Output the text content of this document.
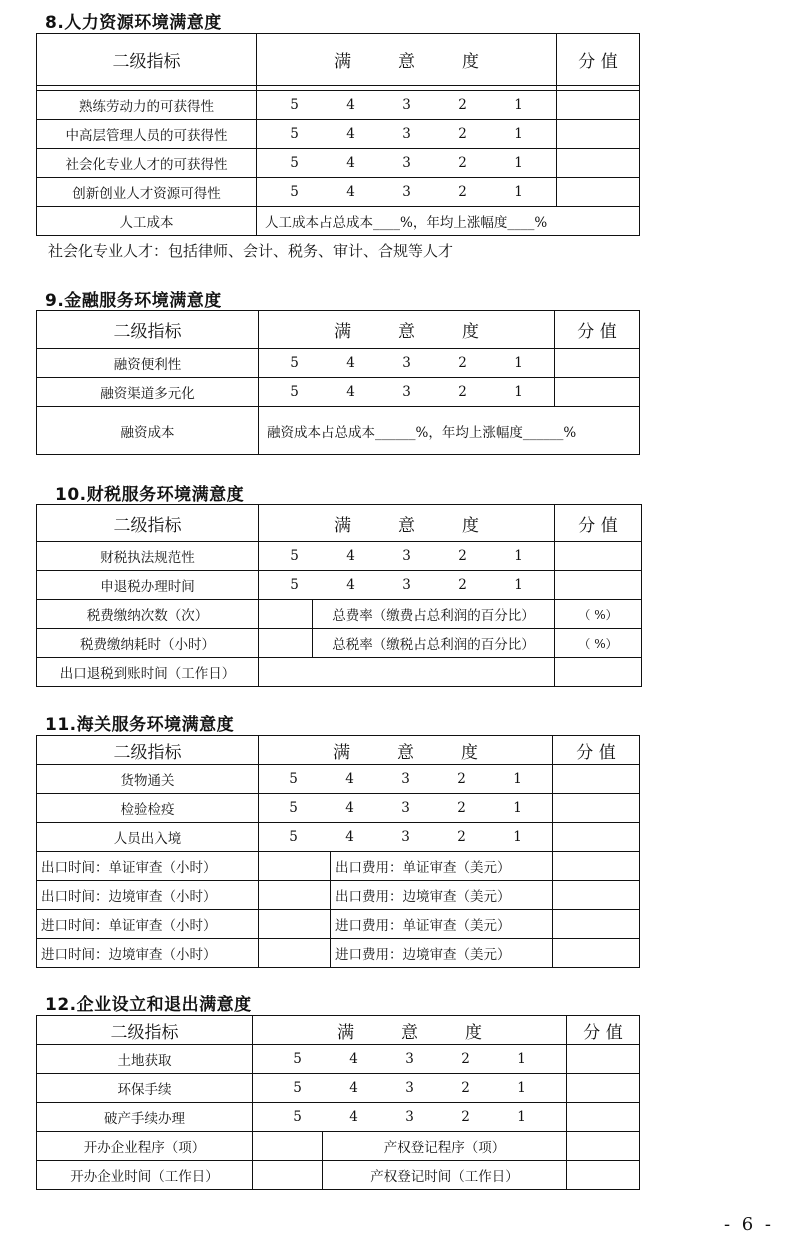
8.人力资源环境满意度
二级指标	满 意 度	分 值

熟练劳动力的可获得性	5 4 3 2 1	
中高层管理人员的可获得性	5 4 3 2 1	
社会化专业人才的可获得性	5 4 3 2 1	
创新创业人才资源可得性	5 4 3 2 1	
人工成本	人工成本占总成本____%，年均上涨幅度____%	
社会化专业人才：包括律师、会计、税务、审计、合规等人才
9.金融服务环境满意度
二级指标	满 意 度	分 值
融资便利性	5 4 3 2 1	
融资渠道多元化	5 4 3 2 1	
融资成本	融资成本占总成本______%，年均上涨幅度______%	
10.财税服务环境满意度
二级指标	满 意 度		分 值
财税执法规范性	5 4 3 2 1		
申退税办理时间	5 4 3 2 1		
税费缴纳次数（次）		总费率（缴费占总利润的百分比）	（ %）
税费缴纳耗时（小时）		总税率（缴税占总利润的百分比）	（ %）
出口退税到账时间（工作日）			
11.海关服务环境满意度
二级指标	满 意 度		分 值
货物通关	5 4 3 2 1		
检验检疫	5 4 3 2 1		
人员出入境	5 4 3 2 1		
出口时间：单证审查（小时）		出口费用：单证审查（美元）	
出口时间：边境审查（小时）		出口费用：边境审查（美元）	
进口时间：单证审查（小时）		进口费用：单证审查（美元）	
进口时间：边境审查（小时）		进口费用：边境审查（美元）	
12.企业设立和退出满意度
二级指标	满 意 度		分 值
土地获取	5 4 3 2 1		
环保手续	5 4 3 2 1		
破产手续办理	5 4 3 2 1		
开办企业程序（项）		产权登记程序（项）	
开办企业时间（工作日）		产权登记时间（工作日）	
- 6 -
